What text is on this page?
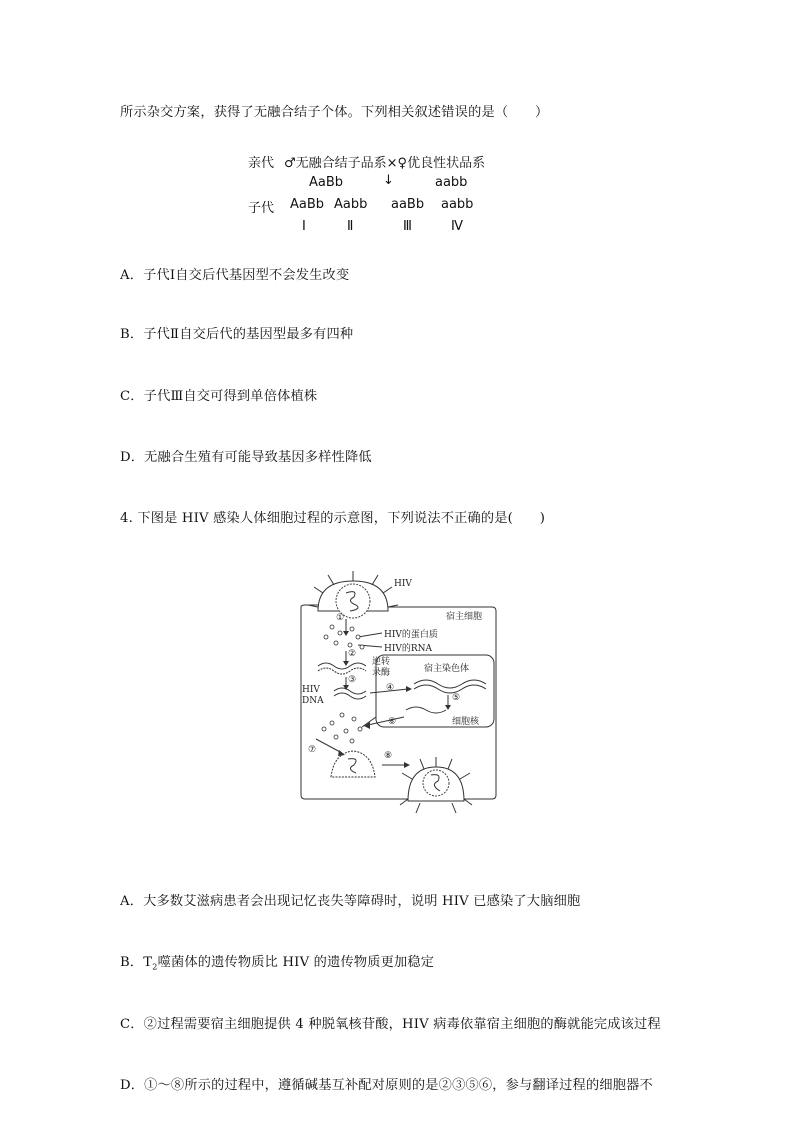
所示杂交方案，获得了无融合结子个体。下列相关叙述错误的是（　　）
亲代 ♂无融合结子品系×♀优良性状品系
AaBb	↓	aabb
子代 AaBb Aabb aaBb aabb
Ⅰ	Ⅱ	Ⅲ	Ⅳ
A．子代Ⅰ自交后代基因型不会发生改变
B．子代Ⅱ自交后代的基因型最多有四种
C．子代Ⅲ自交可得到单倍体植株
D．无融合生殖有可能导致基因多样性降低
4. 下图是 HIV 感染人体细胞过程的示意图，下列说法不正确的是(　　)
HIV
宿主细胞
HIV的蛋白质
HIV的RNA
逆转录酶
HIV DNA
宿主染色体
细胞核
①
②
③
④
⑤
⑥
⑦
⑧
A．大多数艾滋病患者会出现记忆丧失等障碍时，说明 HIV 已感染了大脑细胞
B．$T_2$噬菌体的遗传物质比 HIV 的遗传物质更加稳定
C．②过程需要宿主细胞提供 4 种脱氧核苷酸，HIV 病毒依靠宿主细胞的酶就能完成该过程
D．①～⑧所示的过程中，遵循碱基互补配对原则的是②③⑤⑥，参与翻译过程的细胞器不
